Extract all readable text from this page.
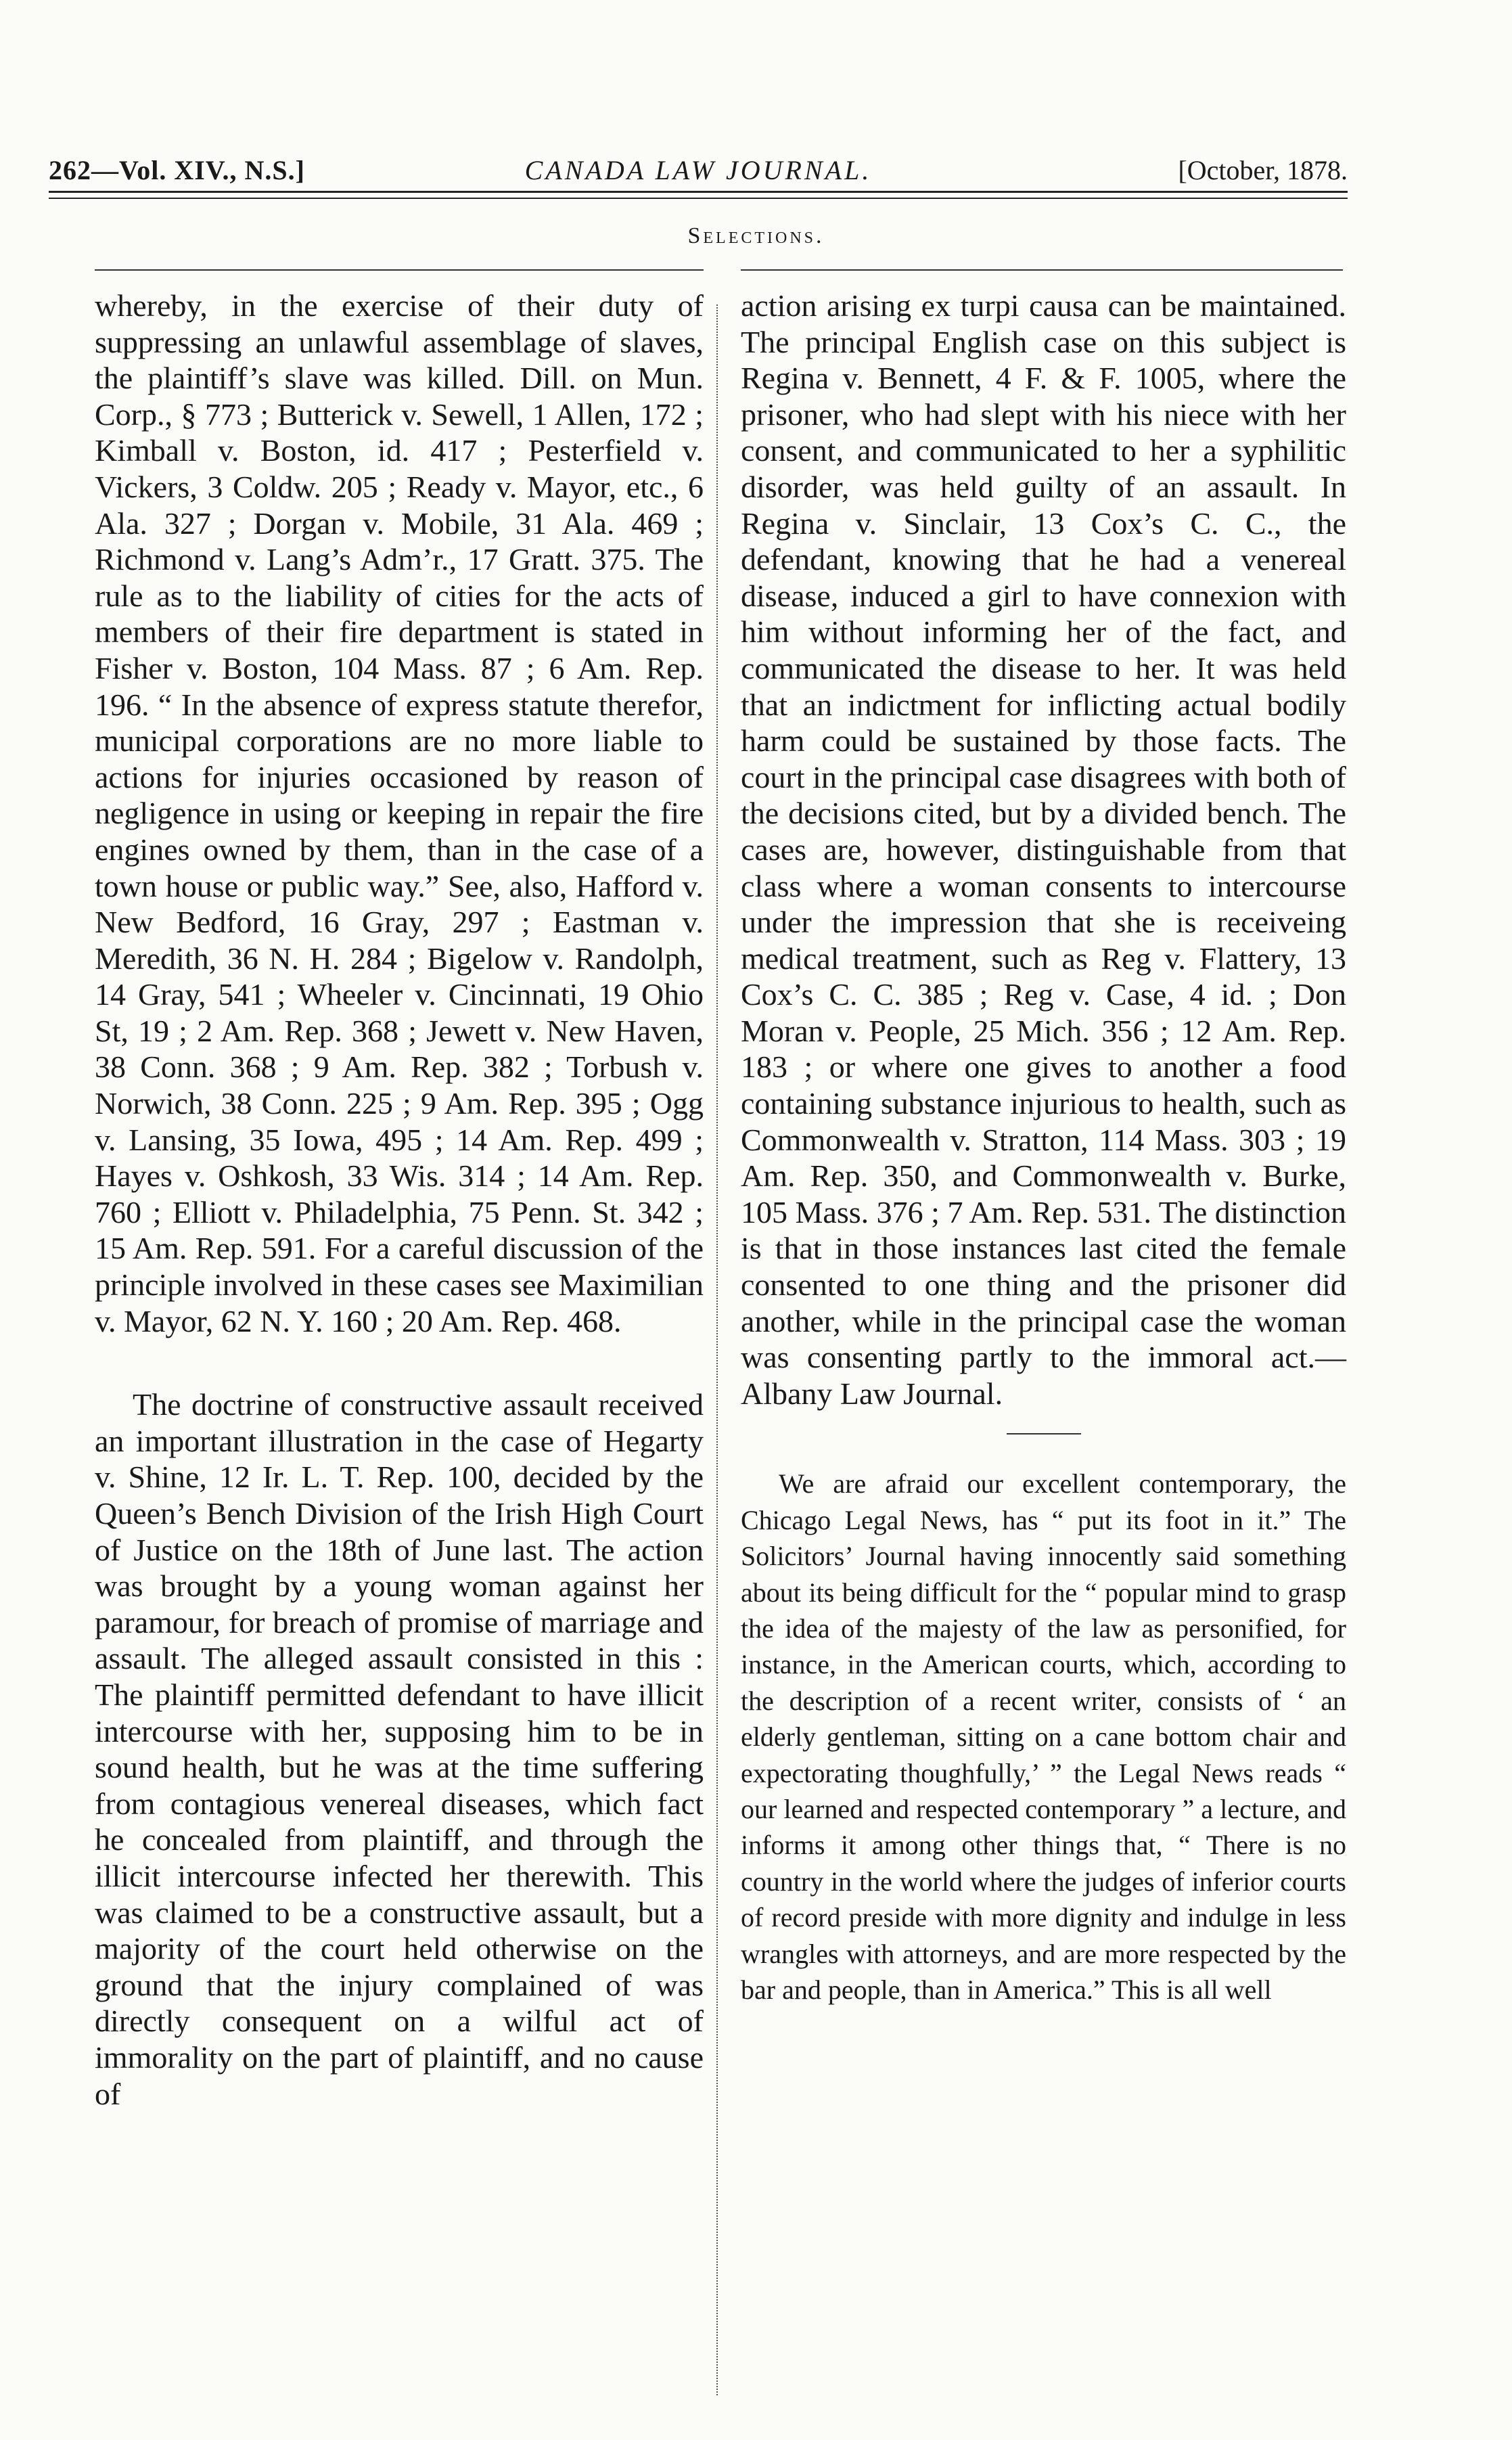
262—Vol. XIV., N.S.]	CANADA LAW JOURNAL.	[October, 1878.
Selections.

whereby, in the exercise of their duty of suppressing an unlawful assemblage of slaves, the plaintiff’s slave was killed. Dill. on Mun. Corp., § 773 ; Butterick v. Sewell, 1 Allen, 172 ; Kimball v. Boston, id. 417 ; Pesterfield v. Vickers, 3 Coldw. 205 ; Ready v. Mayor, etc., 6 Ala. 327 ; Dorgan v. Mobile, 31 Ala. 469 ; Richmond v. Lang’s Adm’r., 17 Gratt. 375. The rule as to the liability of cities for the acts of members of their fire department is stated in Fisher v. Boston, 104 Mass. 87 ; 6 Am. Rep. 196. “ In the absence of express statute therefor, municipal corporations are no more liable to actions for injuries occasioned by reason of negligence in using or keeping in repair the fire engines owned by them, than in the case of a town house or public way.” See, also, Hafford v. New Bedford, 16 Gray, 297 ; Eastman v. Meredith, 36 N. H. 284 ; Bigelow v. Randolph, 14 Gray, 541 ; Wheeler v. Cincinnati, 19 Ohio St, 19 ; 2 Am. Rep. 368 ; Jewett v. New Haven, 38 Conn. 368 ; 9 Am. Rep. 382 ; Torbush v. Norwich, 38 Conn. 225 ; 9 Am. Rep. 395 ; Ogg v. Lansing, 35 Iowa, 495 ; 14 Am. Rep. 499 ; Hayes v. Oshkosh, 33 Wis. 314 ; 14 Am. Rep. 760 ; Elliott v. Philadelphia, 75 Penn. St. 342 ; 15 Am. Rep. 591. For a careful discussion of the principle involved in these cases see Maximilian v. Mayor, 62 N. Y. 160 ; 20 Am. Rep. 468.

The doctrine of constructive assault received an important illustration in the case of Hegarty v. Shine, 12 Ir. L. T. Rep. 100, decided by the Queen’s Bench Division of the Irish High Court of Justice on the 18th of June last. The action was brought by a young woman against her paramour, for breach of promise of marriage and assault. The alleged assault consisted in this : The plaintiff permitted defendant to have illicit intercourse with her, supposing him to be in sound health, but he was at the time suffering from contagious venereal diseases, which fact he concealed from plaintiff, and through the illicit intercourse infected her therewith. This was claimed to be a constructive assault, but a majority of the court held otherwise on the ground that the injury complained of was directly consequent on a wilful act of immorality on the part of plaintiff, and no cause of

action arising ex turpi causa can be maintained. The principal English case on this subject is Regina v. Bennett, 4 F. & F. 1005, where the prisoner, who had slept with his niece with her consent, and communicated to her a syphilitic disorder, was held guilty of an assault. In Regina v. Sinclair, 13 Cox’s C. C., the defendant, knowing that he had a venereal disease, induced a girl to have connexion with him without informing her of the fact, and communicated the disease to her. It was held that an indictment for inflicting actual bodily harm could be sustained by those facts. The court in the principal case disagrees with both of the decisions cited, but by a divided bench. The cases are, however, distinguishable from that class where a woman consents to intercourse under the impression that she is receiveing medical treatment, such as Reg v. Flattery, 13 Cox’s C. C. 385 ; Reg v. Case, 4 id. ; Don Moran v. People, 25 Mich. 356 ; 12 Am. Rep. 183 ; or where one gives to another a food containing substance injurious to health, such as Commonwealth v. Stratton, 114 Mass. 303 ; 19 Am. Rep. 350, and Commonwealth v. Burke, 105 Mass. 376 ; 7 Am. Rep. 531. The distinction is that in those instances last cited the female consented to one thing and the prisoner did another, while in the principal case the woman was consenting partly to the immoral act.—Albany Law Journal.

We are afraid our excellent contemporary, the Chicago Legal News, has “ put its foot in it.” The Solicitors’ Journal having innocently said something about its being difficult for the “ popular mind to grasp the idea of the majesty of the law as personified, for instance, in the American courts, which, according to the description of a recent writer, consists of ‘ an elderly gentleman, sitting on a cane bottom chair and expectorating thoughfully,’ ” the Legal News reads “ our learned and respected contemporary ” a lecture, and informs it among other things that, “ There is no country in the world where the judges of inferior courts of record preside with more dignity and indulge in less wrangles with attorneys, and are more respected by the bar and people, than in America.” This is all well
